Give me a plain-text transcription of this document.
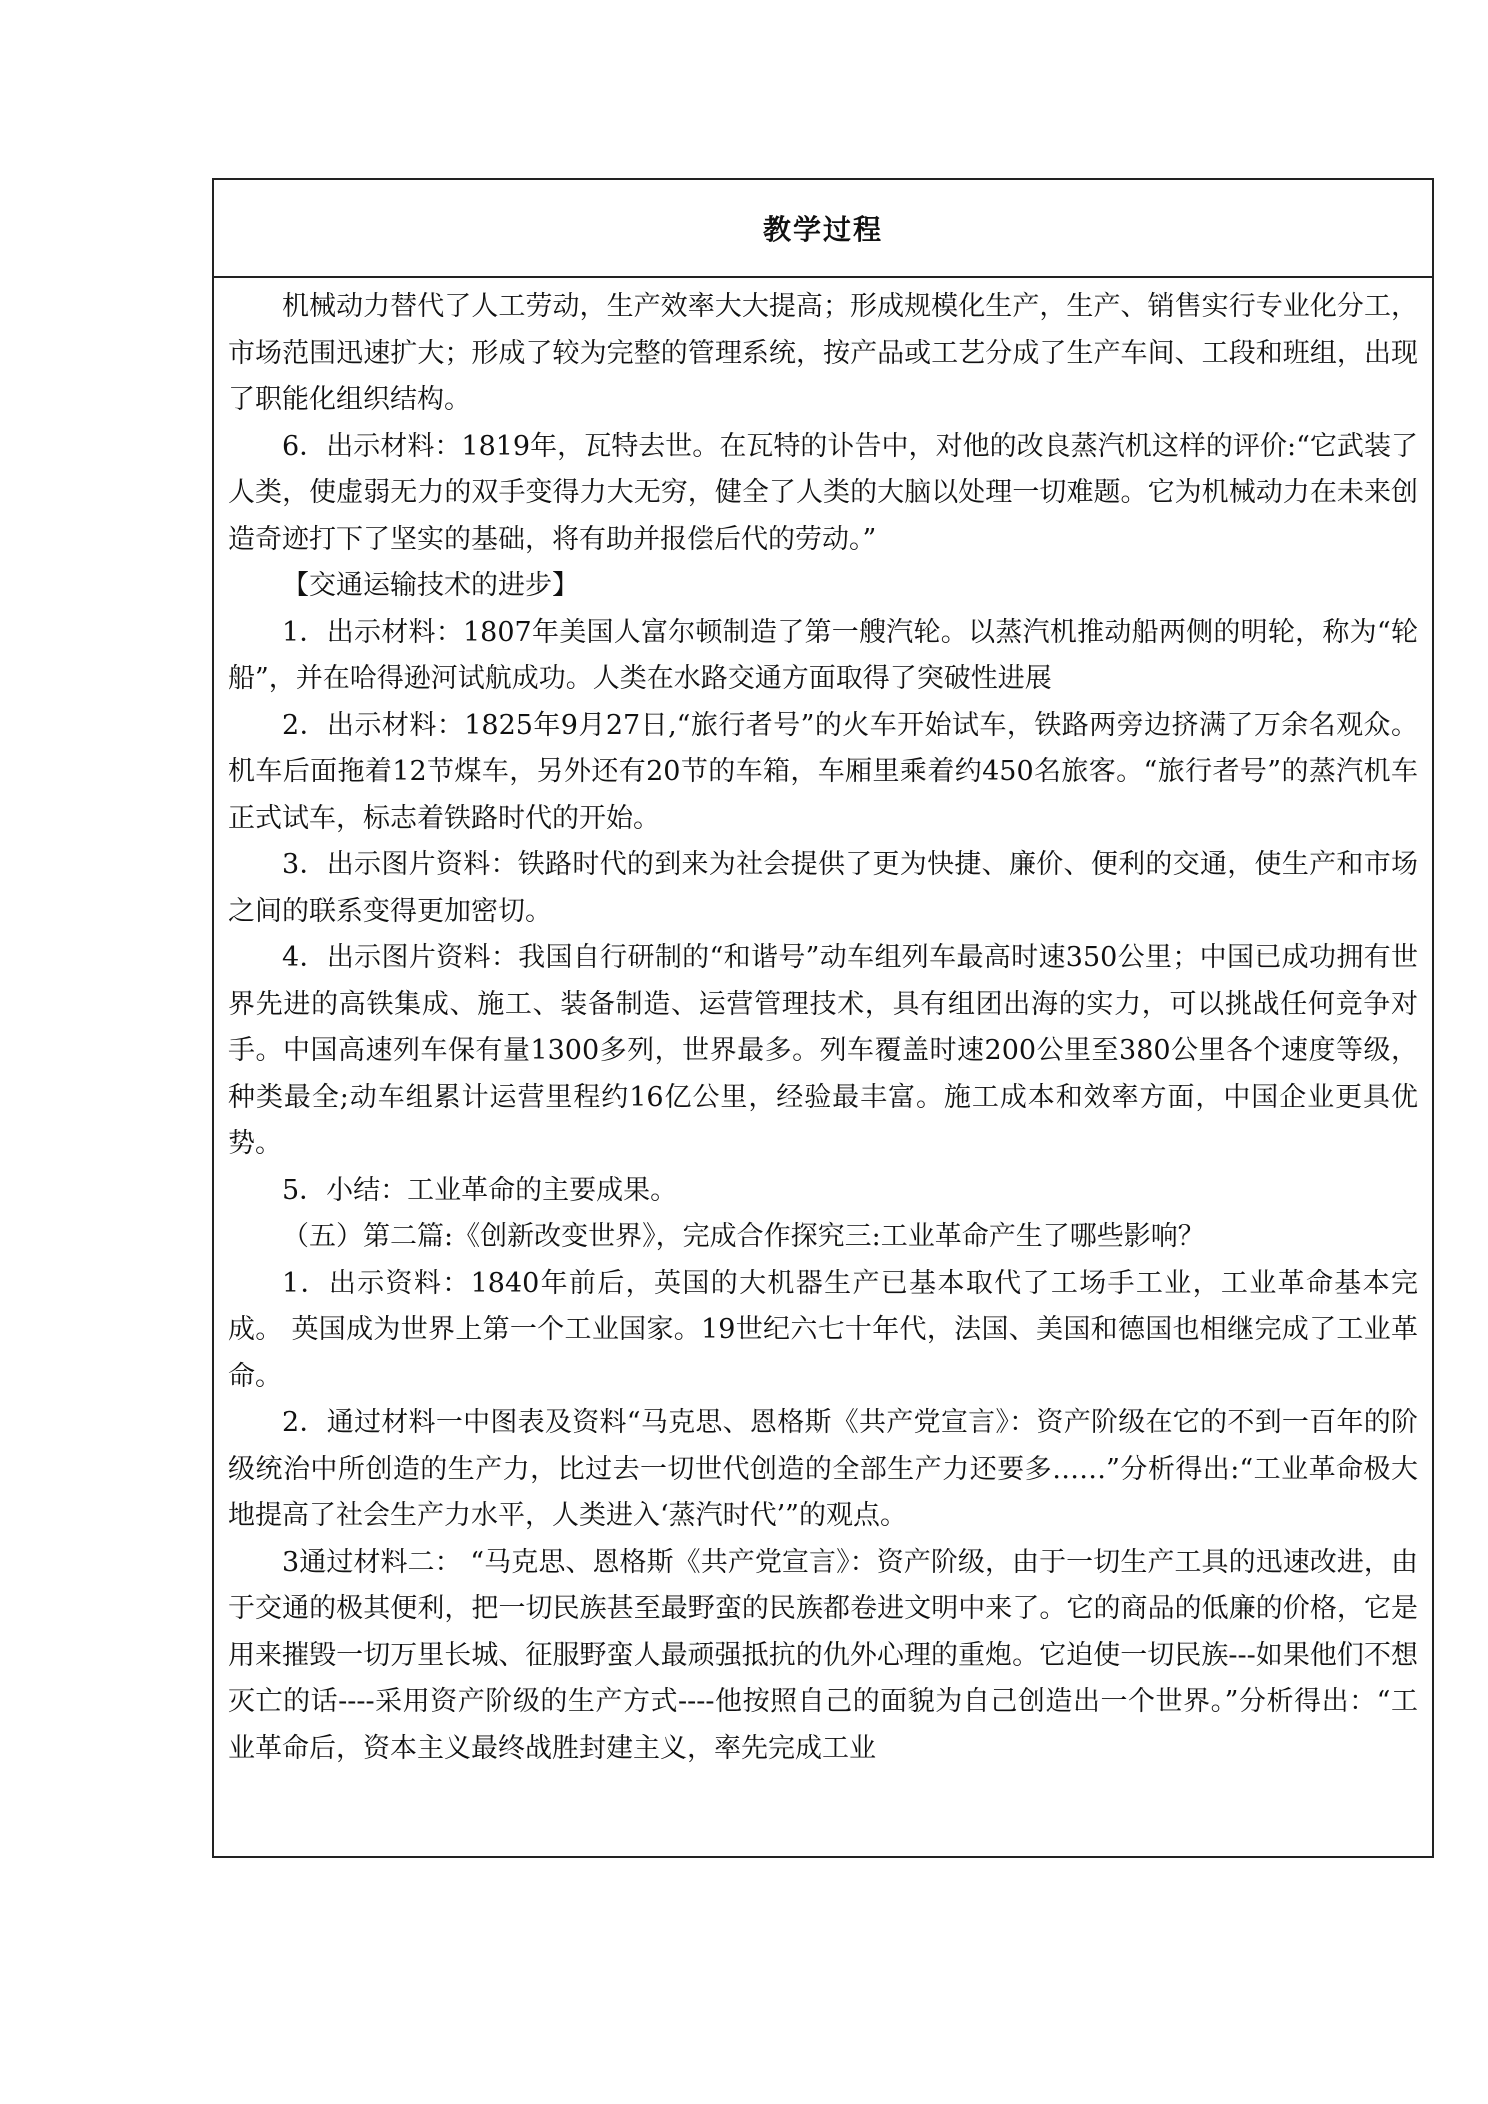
教学过程

机械动力替代了人工劳动，生产效率大大提高；形成规模化生产，生产、销售实行专业化分工，市场范围迅速扩大；形成了较为完整的管理系统，按产品或工艺分成了生产车间、工段和班组，出现了职能化组织结构。

6．出示材料：1819年，瓦特去世。在瓦特的讣告中，对他的改良蒸汽机这样的评价:“它武装了人类，使虚弱无力的双手变得力大无穷，健全了人类的大脑以处理一切难题。它为机械动力在未来创造奇迹打下了坚实的基础，将有助并报偿后代的劳动。”

【交通运输技术的进步】

1．出示材料：1807年美国人富尔顿制造了第一艘汽轮。以蒸汽机推动船两侧的明轮，称为“轮船”，并在哈得逊河试航成功。人类在水路交通方面取得了突破性进展

2．出示材料：1825年9月27日,“旅行者号”的火车开始试车，铁路两旁边挤满了万余名观众。机车后面拖着12节煤车，另外还有20节的车箱，车厢里乘着约450名旅客。“旅行者号”的蒸汽机车正式试车，标志着铁路时代的开始。

3．出示图片资料：铁路时代的到来为社会提供了更为快捷、廉价、便利的交通，使生产和市场之间的联系变得更加密切。

4．出示图片资料：我国自行研制的“和谐号”动车组列车最高时速350公里；中国已成功拥有世界先进的高铁集成、施工、装备制造、运营管理技术，具有组团出海的实力，可以挑战任何竞争对手。中国高速列车保有量1300多列，世界最多。列车覆盖时速200公里至380公里各个速度等级，种类最全;动车组累计运营里程约16亿公里，经验最丰富。施工成本和效率方面，中国企业更具优势。

5．小结：工业革命的主要成果。

（五）第二篇:《创新改变世界》，完成合作探究三:工业革命产生了哪些影响？

1．出示资料：1840年前后，英国的大机器生产已基本取代了工场手工业，工业革命基本完成。 英国成为世界上第一个工业国家。19世纪六七十年代，法国、美国和德国也相继完成了工业革命。

2．通过材料一中图表及资料“马克思、恩格斯《共产党宣言》：资产阶级在它的不到一百年的阶级统治中所创造的生产力，比过去一切世代创造的全部生产力还要多……”分析得出:“工业革命极大地提高了社会生产力水平，人类进入‘蒸汽时代’”的观点。

3通过材料二： “马克思、恩格斯《共产党宣言》：资产阶级，由于一切生产工具的迅速改进，由于交通的极其便利，把一切民族甚至最野蛮的民族都卷进文明中来了。它的商品的低廉的价格，它是用来摧毁一切万里长城、征服野蛮人最顽强抵抗的仇外心理的重炮。它迫使一切民族---如果他们不想灭亡的话----采用资产阶级的生产方式----他按照自己的面貌为自己创造出一个世界。”分析得出：“工业革命后，资本主义最终战胜封建主义，率先完成工业
